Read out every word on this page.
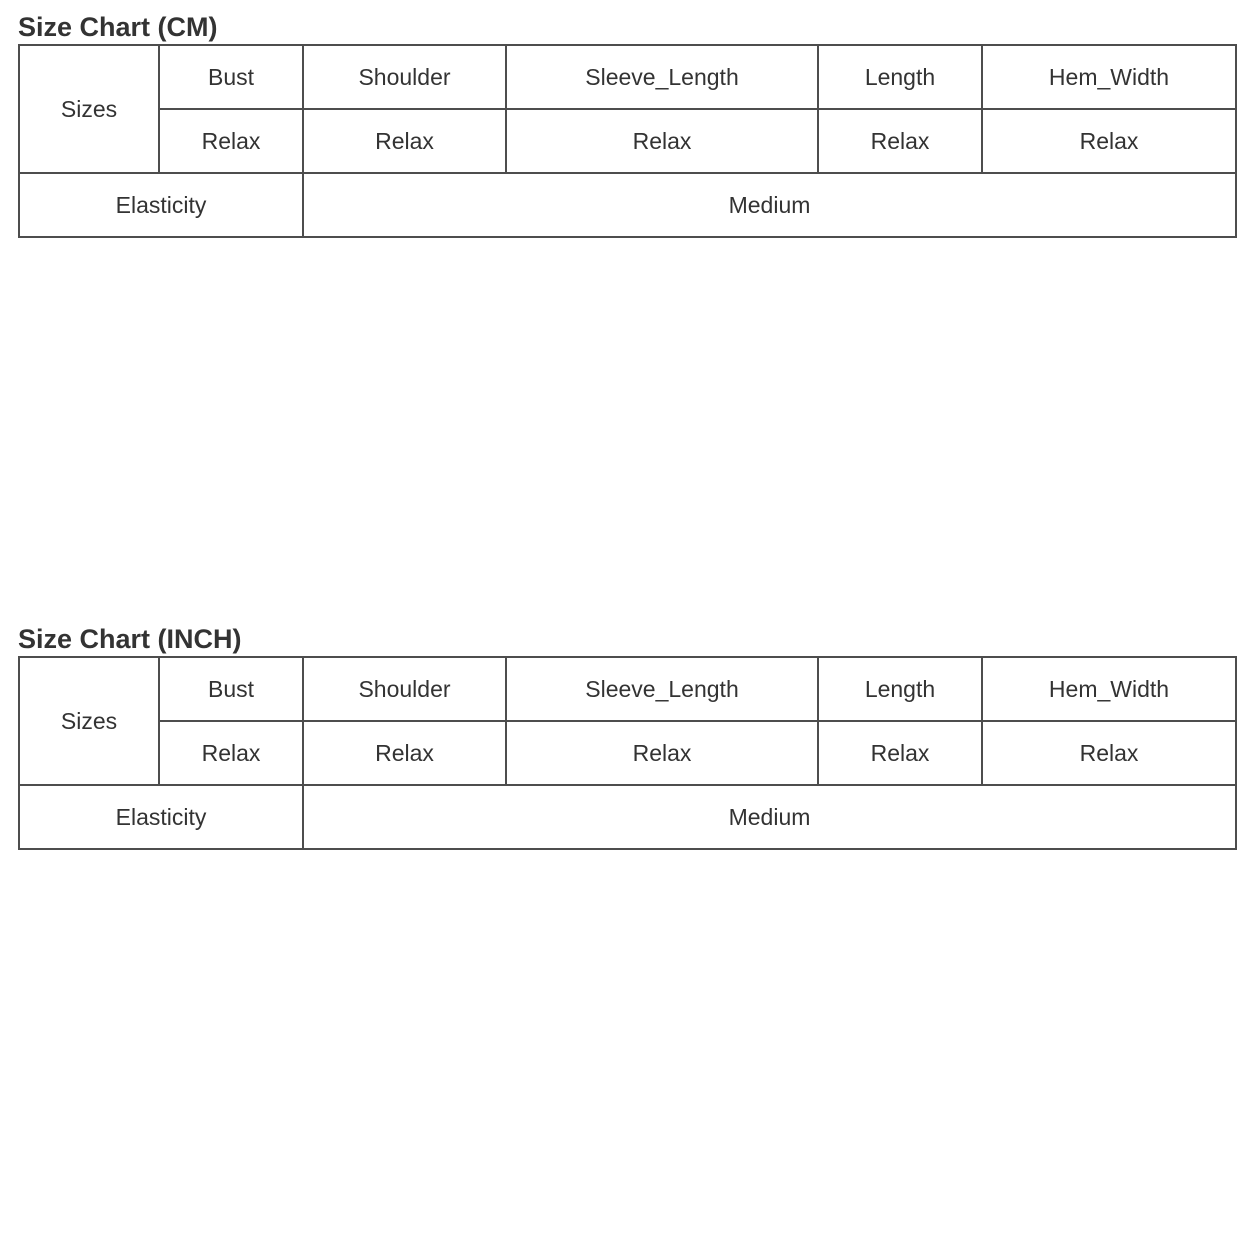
Size Chart (CM)
Sizes	Bust	Shoulder	Sleeve_Length	Length	Hem_Width
	Relax	Relax	Relax	Relax	Relax
Elasticity		Medium			
Size Chart (INCH)
Sizes	Bust	Shoulder	Sleeve_Length	Length	Hem_Width
	Relax	Relax	Relax	Relax	Relax
Elasticity		Medium			
